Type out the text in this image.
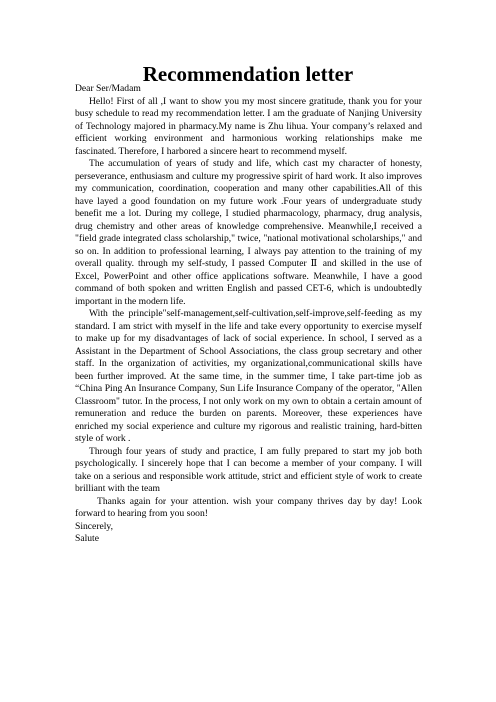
Recommendation letter

Dear Ser/Madam

Hello! First of all ,I want to show you my most sincere gratitude, thank you for your busy schedule to read my recommendation letter. I am the graduate of Nanjing University of Technology majored in pharmacy.My name is Zhu lihua. Your company’s relaxed and efficient working environment and harmonious working relationships make me fascinated. Therefore, I harbored a sincere heart to recommend myself.

The accumulation of years of study and life, which cast my character of honesty, perseverance, enthusiasm and culture my progressive spirit of hard work. It also improves my communication, coordination, cooperation and many other capabilities.All of this have layed a good foundation on my future work .Four years of undergraduate study benefit me a lot. During my college, I studied pharmacology, pharmacy, drug analysis, drug chemistry and other areas of knowledge comprehensive. Meanwhile,I received a "field grade integrated class scholarship," twice, "national motivational scholarships," and so on. In addition to professional learning, I always pay attention to the training of my overall quality. through my self-study, I passed Computer Ⅱ and skilled in the use of Excel, PowerPoint and other office applications software. Meanwhile, I have a good command of both spoken and written English and passed CET-6, which is undoubtedly important in the modern life.

With the principle"self-management,self-cultivation,self-improve,self-feeding as my standard. I am strict with myself in the life and take every opportunity to exercise myself to make up for my disadvantages of lack of social experience. In school, I served as a Assistant in the Department of School Associations, the class group secretary and other staff. In the organization of activities, my organizational,communicational skills have been further improved. At the same time, in the summer time, I take part-time job as “China Ping An Insurance Company, Sun Life Insurance Company of the operator, "Allen Classroom" tutor. In the process, I not only work on my own to obtain a certain amount of remuneration and reduce the burden on parents. Moreover, these experiences have enriched my social experience and culture my rigorous and realistic training, hard-bitten style of work .

Through four years of study and practice, I am fully prepared to start my job both psychologically. I sincerely hope that I can become a member of your company. I will take on a serious and responsible work attitude, strict and efficient style of work to create brilliant with the team

Thanks again for your attention. wish your company thrives day by day! Look forward to hearing from you soon!

Sincerely,

Salute
